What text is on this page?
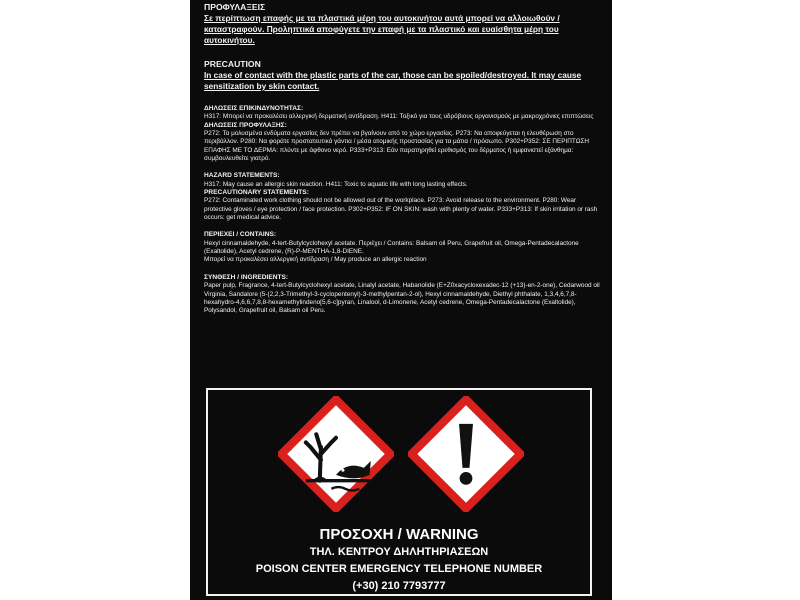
ΠΡΟΦΥΛΑΞΕΙΣ

Σε περίπτωση επαφής με τα πλαστικά μέρη του αυτοκινήτου αυτά μπορεί να αλλοιωθούν / καταστραφούν. Προληπτικά αποφύγετε την επαφή με τα πλαστικό και ευαίσθητα μέρη του αυτοκινήτου.

PRECAUTION

In case of contact with the plastic parts of the car, those can be spoiled/destroyed. It may cause sensitization by skin contact.

ΔΗΛΩΣΕΙΣ ΕΠΙΚΙΝΔΥΝΟΤΗΤΑΣ:

H317: Μπορεί να προκαλέσει αλλεργική δερματική αντίδραση. H411: Τοξικό για τους υδρόβιους οργανισμούς με μακροχρόνιες επιπτώσεις

ΔΗΛΩΣΕΙΣ ΠΡΟΦΥΛΑΞΗΣ:

P272: Τα μολυσμένα ενδύματα εργασίας δεν πρέπει να βγαίνουν από το χώρο εργασίας. P273: Να αποφεύγεται η ελευθέρωση στο περιβάλλον. P280: Να φοράτε προστατευτικά γάντια / μέσα ατομικής προστασίας για τα μάτια / πρόσωπο. P302+P352: ΣΕ ΠΕΡΙΠΤΩΣΗ ΕΠΑΦΗΣ ΜΕ ΤΟ ΔΕΡΜΑ: πλύντε με άφθονο νερό. P333+P313: Εάν παρατηρηθεί ερεθισμός του δέρματος ή εμφανιστεί εξάνθημα: συμβουλευθείτε γιατρό.

HAZARD STATEMENTS:

H317: May cause an allergic skin reaction. H411: Toxic to aquatic life with long lasting effects.

PRECAUTIONARY STATEMENTS:

P272: Contaminated work clothing should not be allowed out of the workplace. P273: Avoid release to the environment. P280: Wear protective gloves / eye protection / face protection. P302+P352: IF ON SKIN: wash with plenty of water. P333+P313: If skin irritation or rash occurs: get medical advice.

ΠΕΡΙΕΧΕΙ / CONTAINS:

Hexyl cinnamaldehyde, 4-tert-Butylcyclohexyl acetate. Περιέχει / Contains: Balsam oil Peru, Grapefruit oil, Omega-Pentadecalactone (Exaltolide), Acetyl cedrene, (R)-P-MENTHA-1,8-DIENE.

Μπορεί να προκαλέσει αλλεργική αντίδραση / May produce an allergic reaction

ΣΥΝΘΕΣΗ / INGREDIENTS:

Paper pulp, Fragrance, 4-tert-Butylcyclohexyl acetate, Linalyl acetate, Habanolide (E+Z0xacycloхexadec-12 (+13)-en-2-one), Cedarwood oil Virginia, Sandalore (5-(2,2,3-Trimethyl-3-cyclopentenyl)-3-methylpentan-2-ol), Hexyl cinnamaldehyde, Diethyl phthalate, 1,3,4,6,7,8-hexahydro-4,6,6,7,8,8-hexamethylindeno[5,6-c]pyran, Linalool, d-Limonene, Acetyl cedrene, Omega-Pentadecalactone (Exaltolide), Polysandol, Grapefruit oil, Balsam oil Peru.

ΠΡΟΣΟΧΗ / WARNING
ΤΗΛ. ΚΕΝΤΡΟΥ ΔΗΛΗΤΗΡΙΑΣΕΩΝ
POISON CENTER EMERGENCY TELEPHONE NUMBER
(+30) 210 7793777
